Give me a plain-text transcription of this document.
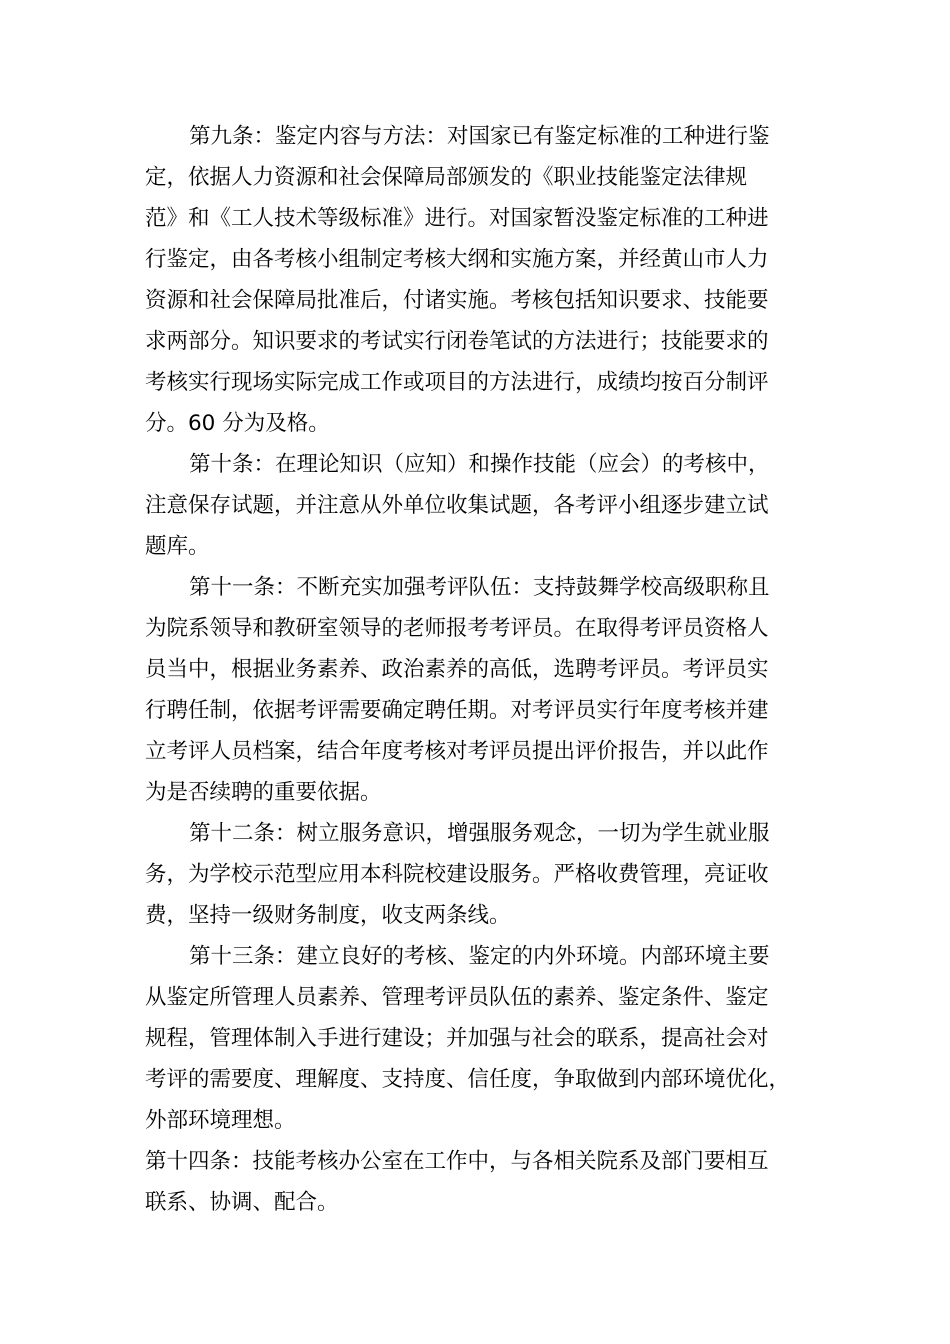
第九条：鉴定内容与方法：对国家已有鉴定标准的工种进行鉴
定，依据人力资源和社会保障局部颁发的《职业技能鉴定法律规
范》和《工人技术等级标准》进行。对国家暂没鉴定标准的工种进
行鉴定，由各考核小组制定考核大纲和实施方案，并经黄山市人力
资源和社会保障局批准后，付诸实施。考核包括知识要求、技能要
求两部分。知识要求的考试实行闭卷笔试的方法进行；技能要求的
考核实行现场实际完成工作或项目的方法进行，成绩均按百分制评
分。60 分为及格。
第十条：在理论知识（应知）和操作技能（应会）的考核中，
注意保存试题，并注意从外单位收集试题，各考评小组逐步建立试
题库。
第十一条：不断充实加强考评队伍：支持鼓舞学校高级职称且
为院系领导和教研室领导的老师报考考评员。在取得考评员资格人
员当中，根据业务素养、政治素养的高低，选聘考评员。考评员实
行聘任制，依据考评需要确定聘任期。对考评员实行年度考核并建
立考评人员档案，结合年度考核对考评员提出评价报告，并以此作
为是否续聘的重要依据。
第十二条：树立服务意识，增强服务观念，一切为学生就业服
务，为学校示范型应用本科院校建设服务。严格收费管理，亮证收
费，坚持一级财务制度，收支两条线。
第十三条：建立良好的考核、鉴定的内外环境。内部环境主要
从鉴定所管理人员素养、管理考评员队伍的素养、鉴定条件、鉴定
规程，管理体制入手进行建设；并加强与社会的联系，提高社会对
考评的需要度、理解度、支持度、信任度，争取做到内部环境优化，
外部环境理想。
第十四条：技能考核办公室在工作中，与各相关院系及部门要相互
联系、协调、配合。
